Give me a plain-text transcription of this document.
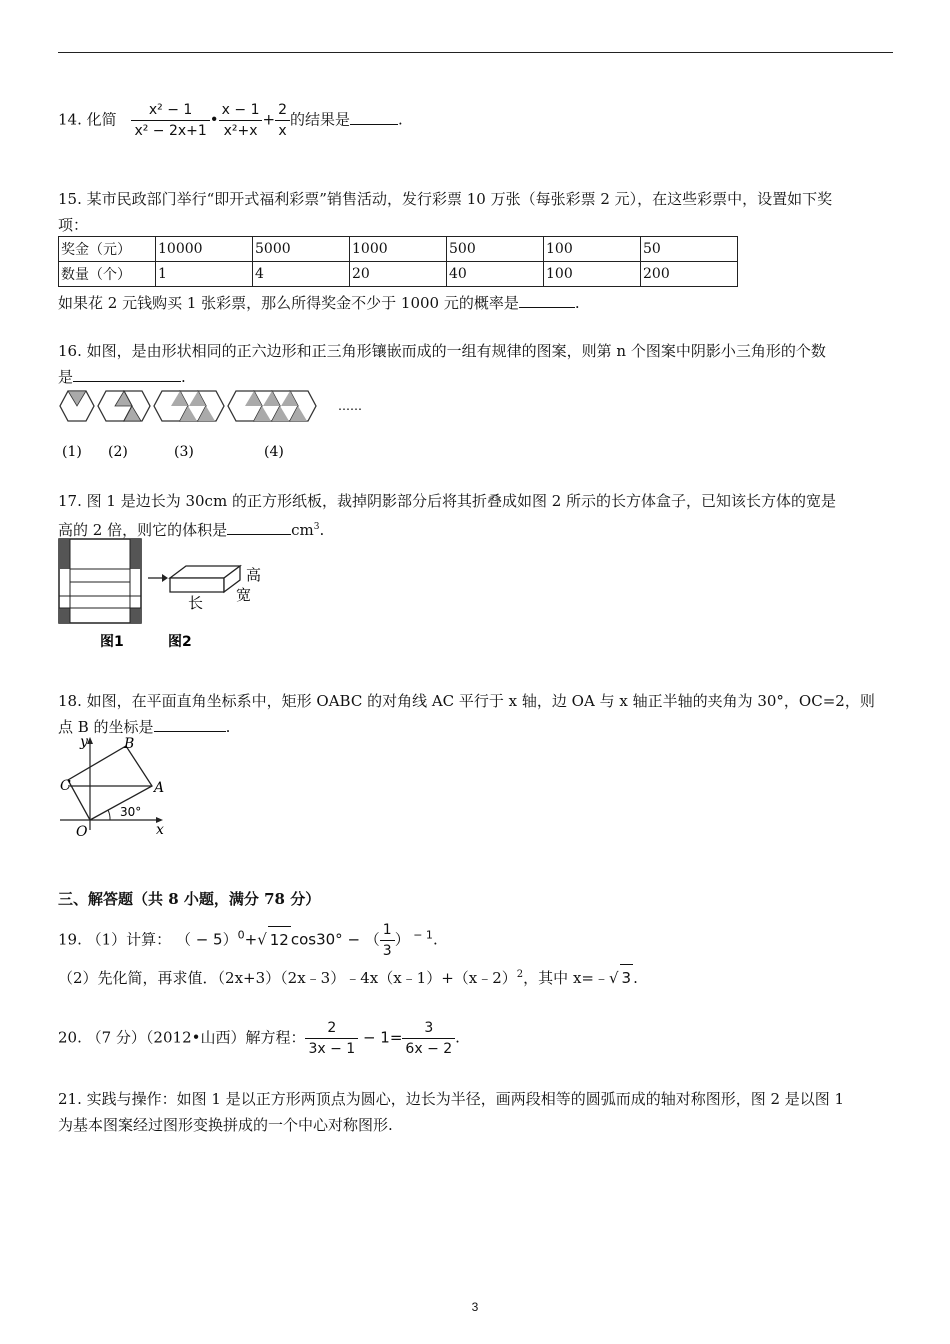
14. 化简 $\frac{\text{x² − 1}}{\text{x² − 2x+1}}$ • $\frac{x - 1}{\text{x²+x}} + \frac{2}{x}$ 的结果是	.
15. 某市民政部门举行“即开式福利彩票”销售活动，发行彩票 10 万张（每张彩票 2 元），在这些彩票中，设置如下奖
项：
奖金（元）	10000	5000	1000	500	100	50
数量（个）	1	4	20	40	100	200
如果花 2 元钱购买 1 张彩票，那么所得奖金不少于 1000 元的概率是	.
16. 如图，是由形状相同的正六边形和正三角形镶嵌而成的一组有规律的图案，则第 n 个图案中阴影小三角形的个数
是	.
……
(1) (2)	(3)	(4)
17. 图 1 是边长为 30cm 的正方形纸板，裁掉阴影部分后将其折叠成如图 2 所示的长方体盒子，已知该长方体的宽是
高的 2 倍，则它的体积是	$cm^3$.
高
宽
长
图1	图2
18. 如图，在平面直角坐标系中，矩形 OABC 的对角线 AC 平行于 x 轴，边 OA 与 x 轴正半轴的夹角为 30°，OC=2，则
点 B 的坐标是	.
y	B
C	A
30°
O	x
三、解答题（共 8 小题，满分 78 分）
19. （1）计算： （ − 5）$^0$+√ 12 cos30° − （ $\frac{1}{3}$ ） $^{- 1}$.
（2）先化简，再求值．（2x+3）（2x﹣3）﹣4x（x﹣1）+（x﹣2）$^2$，其中 x=﹣√ 3 .
20. （7 分）（2012•山西）解方程： $\frac{2}{3x - 1} - 1= \frac{3}{6x - 2}$ .
21. 实践与操作：如图 1 是以正方形两顶点为圆心，边长为半径，画两段相等的圆弧而成的轴对称图形，图 2 是以图 1
为基本图案经过图形变换拼成的一个中心对称图形.
3
